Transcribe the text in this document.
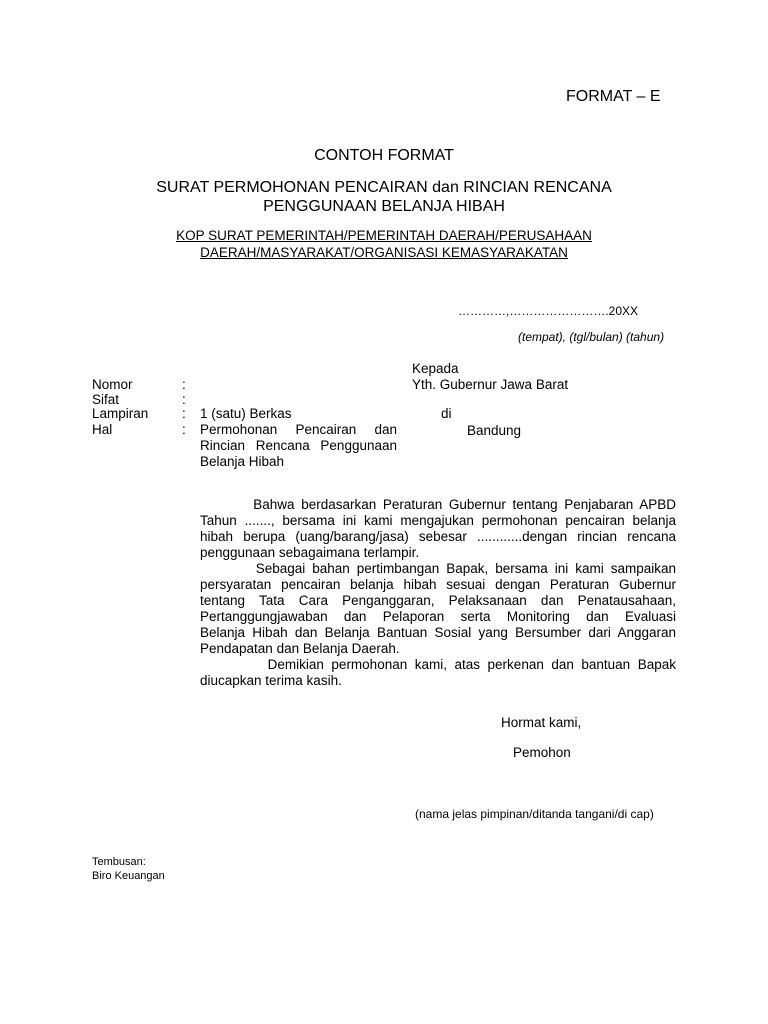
FORMAT – E
CONTOH FORMAT
SURAT PERMOHONAN PENCAIRAN dan RINCIAN RENCANA
PENGGUNAAN BELANJA HIBAH
KOP SURAT PEMERINTAH/PEMERINTAH DAERAH/PERUSAHAAN
DAERAH/MASYARAKAT/ORGANISASI KEMASYARAKATAN
…………,…………………….20XX
(tempat), (tgl/bulan) (tahun)
Kepada
Yth. Gubernur Jawa Barat
di
Bandung
Nomor	:
Sifat	:
Lampiran : 1 (satu) Berkas
Hal	: Permohonan Pencairan dan
Rincian Rencana Penggunaan
Belanja Hibah
Bahwa berdasarkan Peraturan Gubernur tentang Penjabaran APBD
Tahun ......., bersama ini kami mengajukan permohonan pencairan belanja
hibah berupa (uang/barang/jasa) sebesar ............dengan rincian rencana
penggunaan sebagaimana terlampir.
Sebagai bahan pertimbangan Bapak, bersama ini kami sampaikan
persyaratan pencairan belanja hibah sesuai dengan Peraturan Gubernur
tentang Tata Cara Penganggaran, Pelaksanaan dan Penatausahaan,
Pertanggungjawaban dan Pelaporan serta Monitoring dan Evaluasi
Belanja Hibah dan Belanja Bantuan Sosial yang Bersumber dari Anggaran
Pendapatan dan Belanja Daerah.
Demikian permohonan kami, atas perkenan dan bantuan Bapak
diucapkan terima kasih.
Hormat kami,
Pemohon
(nama jelas pimpinan/ditanda tangani/di cap)
Tembusan:
Biro Keuangan
